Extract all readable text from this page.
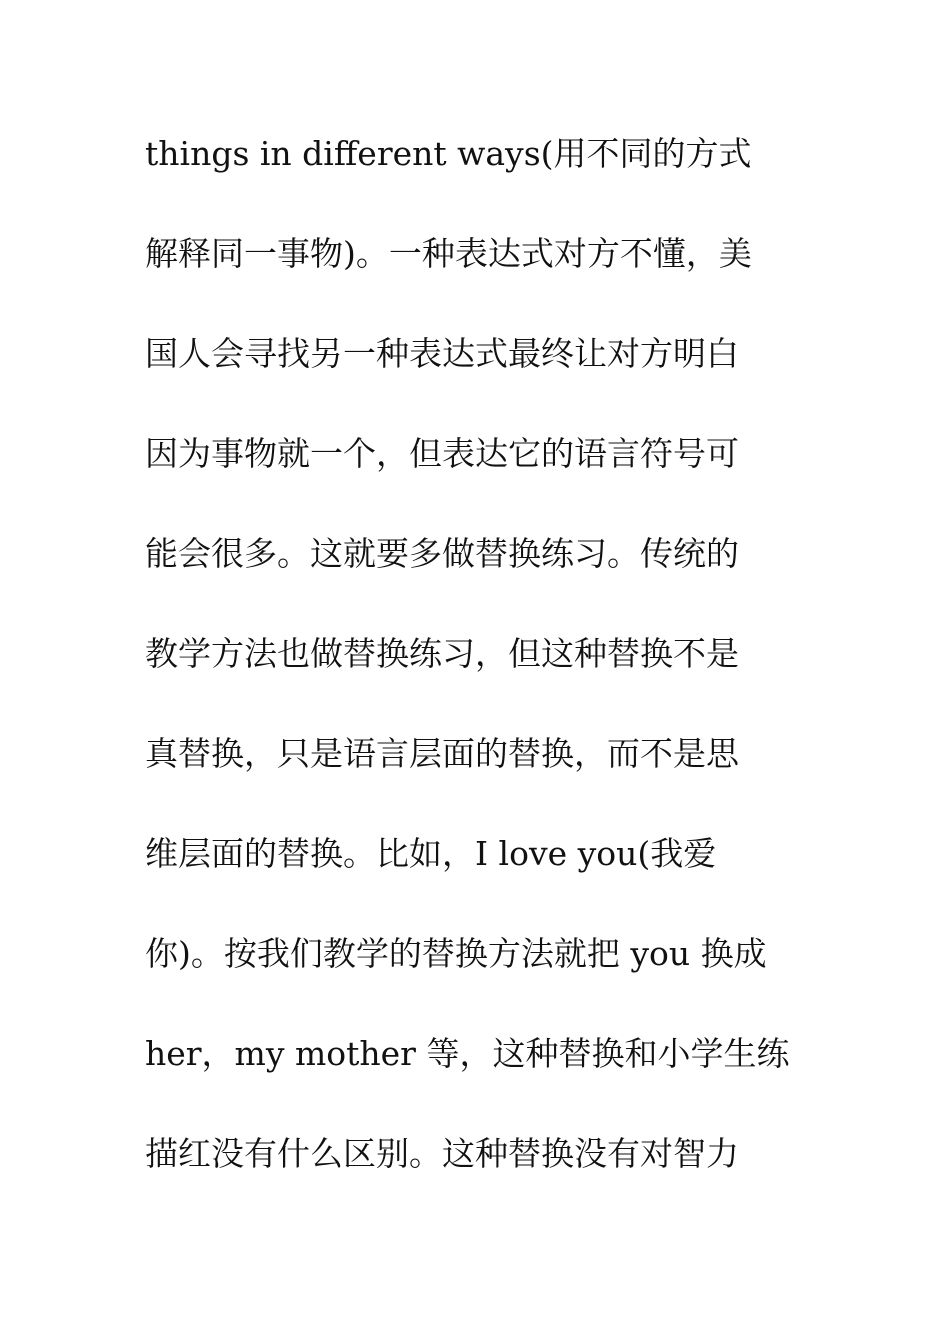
things in different ways(用不同的方式
解释同一事物)。一种表达式对方不懂，美
国人会寻找另一种表达式最终让对方明白
因为事物就一个，但表达它的语言符号可
能会很多。这就要多做替换练习。传统的
教学方法也做替换练习，但这种替换不是
真替换，只是语言层面的替换，而不是思
维层面的替换。比如，I love you(我爱
你)。按我们教学的替换方法就把 you 换成
her，my mother 等，这种替换和小学生练
描红没有什么区别。这种替换没有对智力
